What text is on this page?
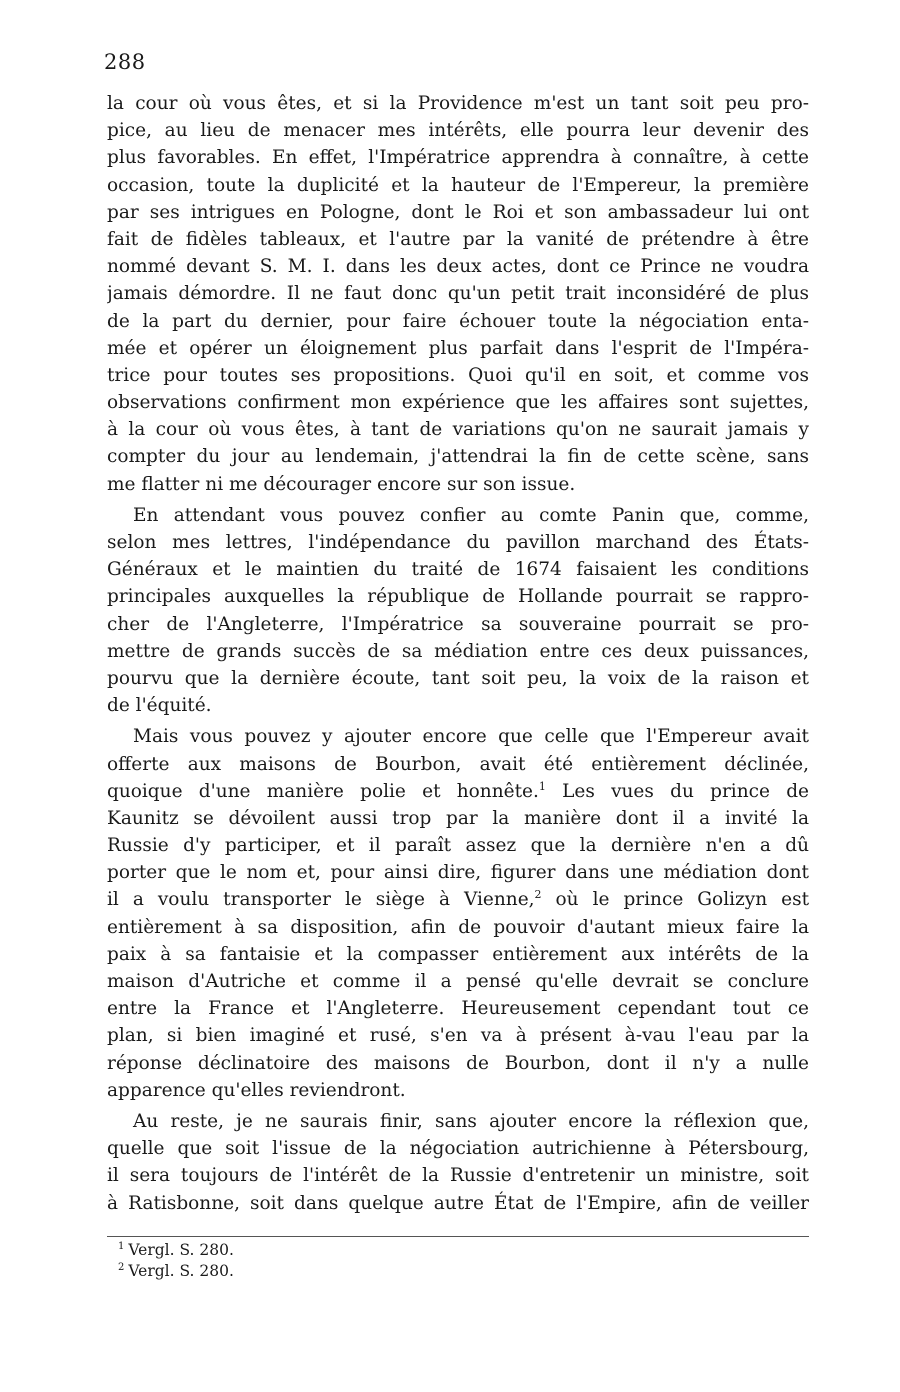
288
la cour où vous êtes, et si la Providence m'est un tant soit peu pro-
pice, au lieu de menacer mes intérêts, elle pourra leur devenir des
plus favorables. En effet, l'Impératrice apprendra à connaître, à cette
occasion, toute la duplicité et la hauteur de l'Empereur, la première
par ses intrigues en Pologne, dont le Roi et son ambassadeur lui ont
fait de fidèles tableaux, et l'autre par la vanité de prétendre à être
nommé devant S. M. I. dans les deux actes, dont ce Prince ne voudra
jamais démordre. Il ne faut donc qu'un petit trait inconsidéré de plus
de la part du dernier, pour faire échouer toute la négociation enta-
mée et opérer un éloignement plus parfait dans l'esprit de l'Impéra-
trice pour toutes ses propositions. Quoi qu'il en soit, et comme vos
observations confirment mon expérience que les affaires sont sujettes,
à la cour où vous êtes, à tant de variations qu'on ne saurait jamais y
compter du jour au lendemain, j'attendrai la fin de cette scène, sans
me flatter ni me décourager encore sur son issue.
En attendant vous pouvez confier au comte Panin que, comme,
selon mes lettres, l'indépendance du pavillon marchand des États-
Généraux et le maintien du traité de 1674 faisaient les conditions
principales auxquelles la république de Hollande pourrait se rappro-
cher de l'Angleterre, l'Impératrice sa souveraine pourrait se pro-
mettre de grands succès de sa médiation entre ces deux puissances,
pourvu que la dernière écoute, tant soit peu, la voix de la raison et
de l'équité.
Mais vous pouvez y ajouter encore que celle que l'Empereur avait
offerte aux maisons de Bourbon, avait été entièrement déclinée,
quoique d'une manière polie et honnête.$^1$ Les vues du prince de
Kaunitz se dévoilent aussi trop par la manière dont il a invité la
Russie d'y participer, et il paraît assez que la dernière n'en a dû
porter que le nom et, pour ainsi dire, figurer dans une médiation dont
il a voulu transporter le siège à Vienne,$^2$ où le prince Golizyn est
entièrement à sa disposition, afin de pouvoir d'autant mieux faire la
paix à sa fantaisie et la compasser entièrement aux intérêts de la
maison d'Autriche et comme il a pensé qu'elle devrait se conclure
entre la France et l'Angleterre. Heureusement cependant tout ce
plan, si bien imaginé et rusé, s'en va à présent à-vau l'eau par la
réponse déclinatoire des maisons de Bourbon, dont il n'y a nulle
apparence qu'elles reviendront.
Au reste, je ne saurais finir, sans ajouter encore la réflexion que,
quelle que soit l'issue de la négociation autrichienne à Pétersbourg,
il sera toujours de l'intérêt de la Russie d'entretenir un ministre, soit
à Ratisbonne, soit dans quelque autre État de l'Empire, afin de veiller
$^1$ Vergl. S. 280.
$^2$ Vergl. S. 280.
